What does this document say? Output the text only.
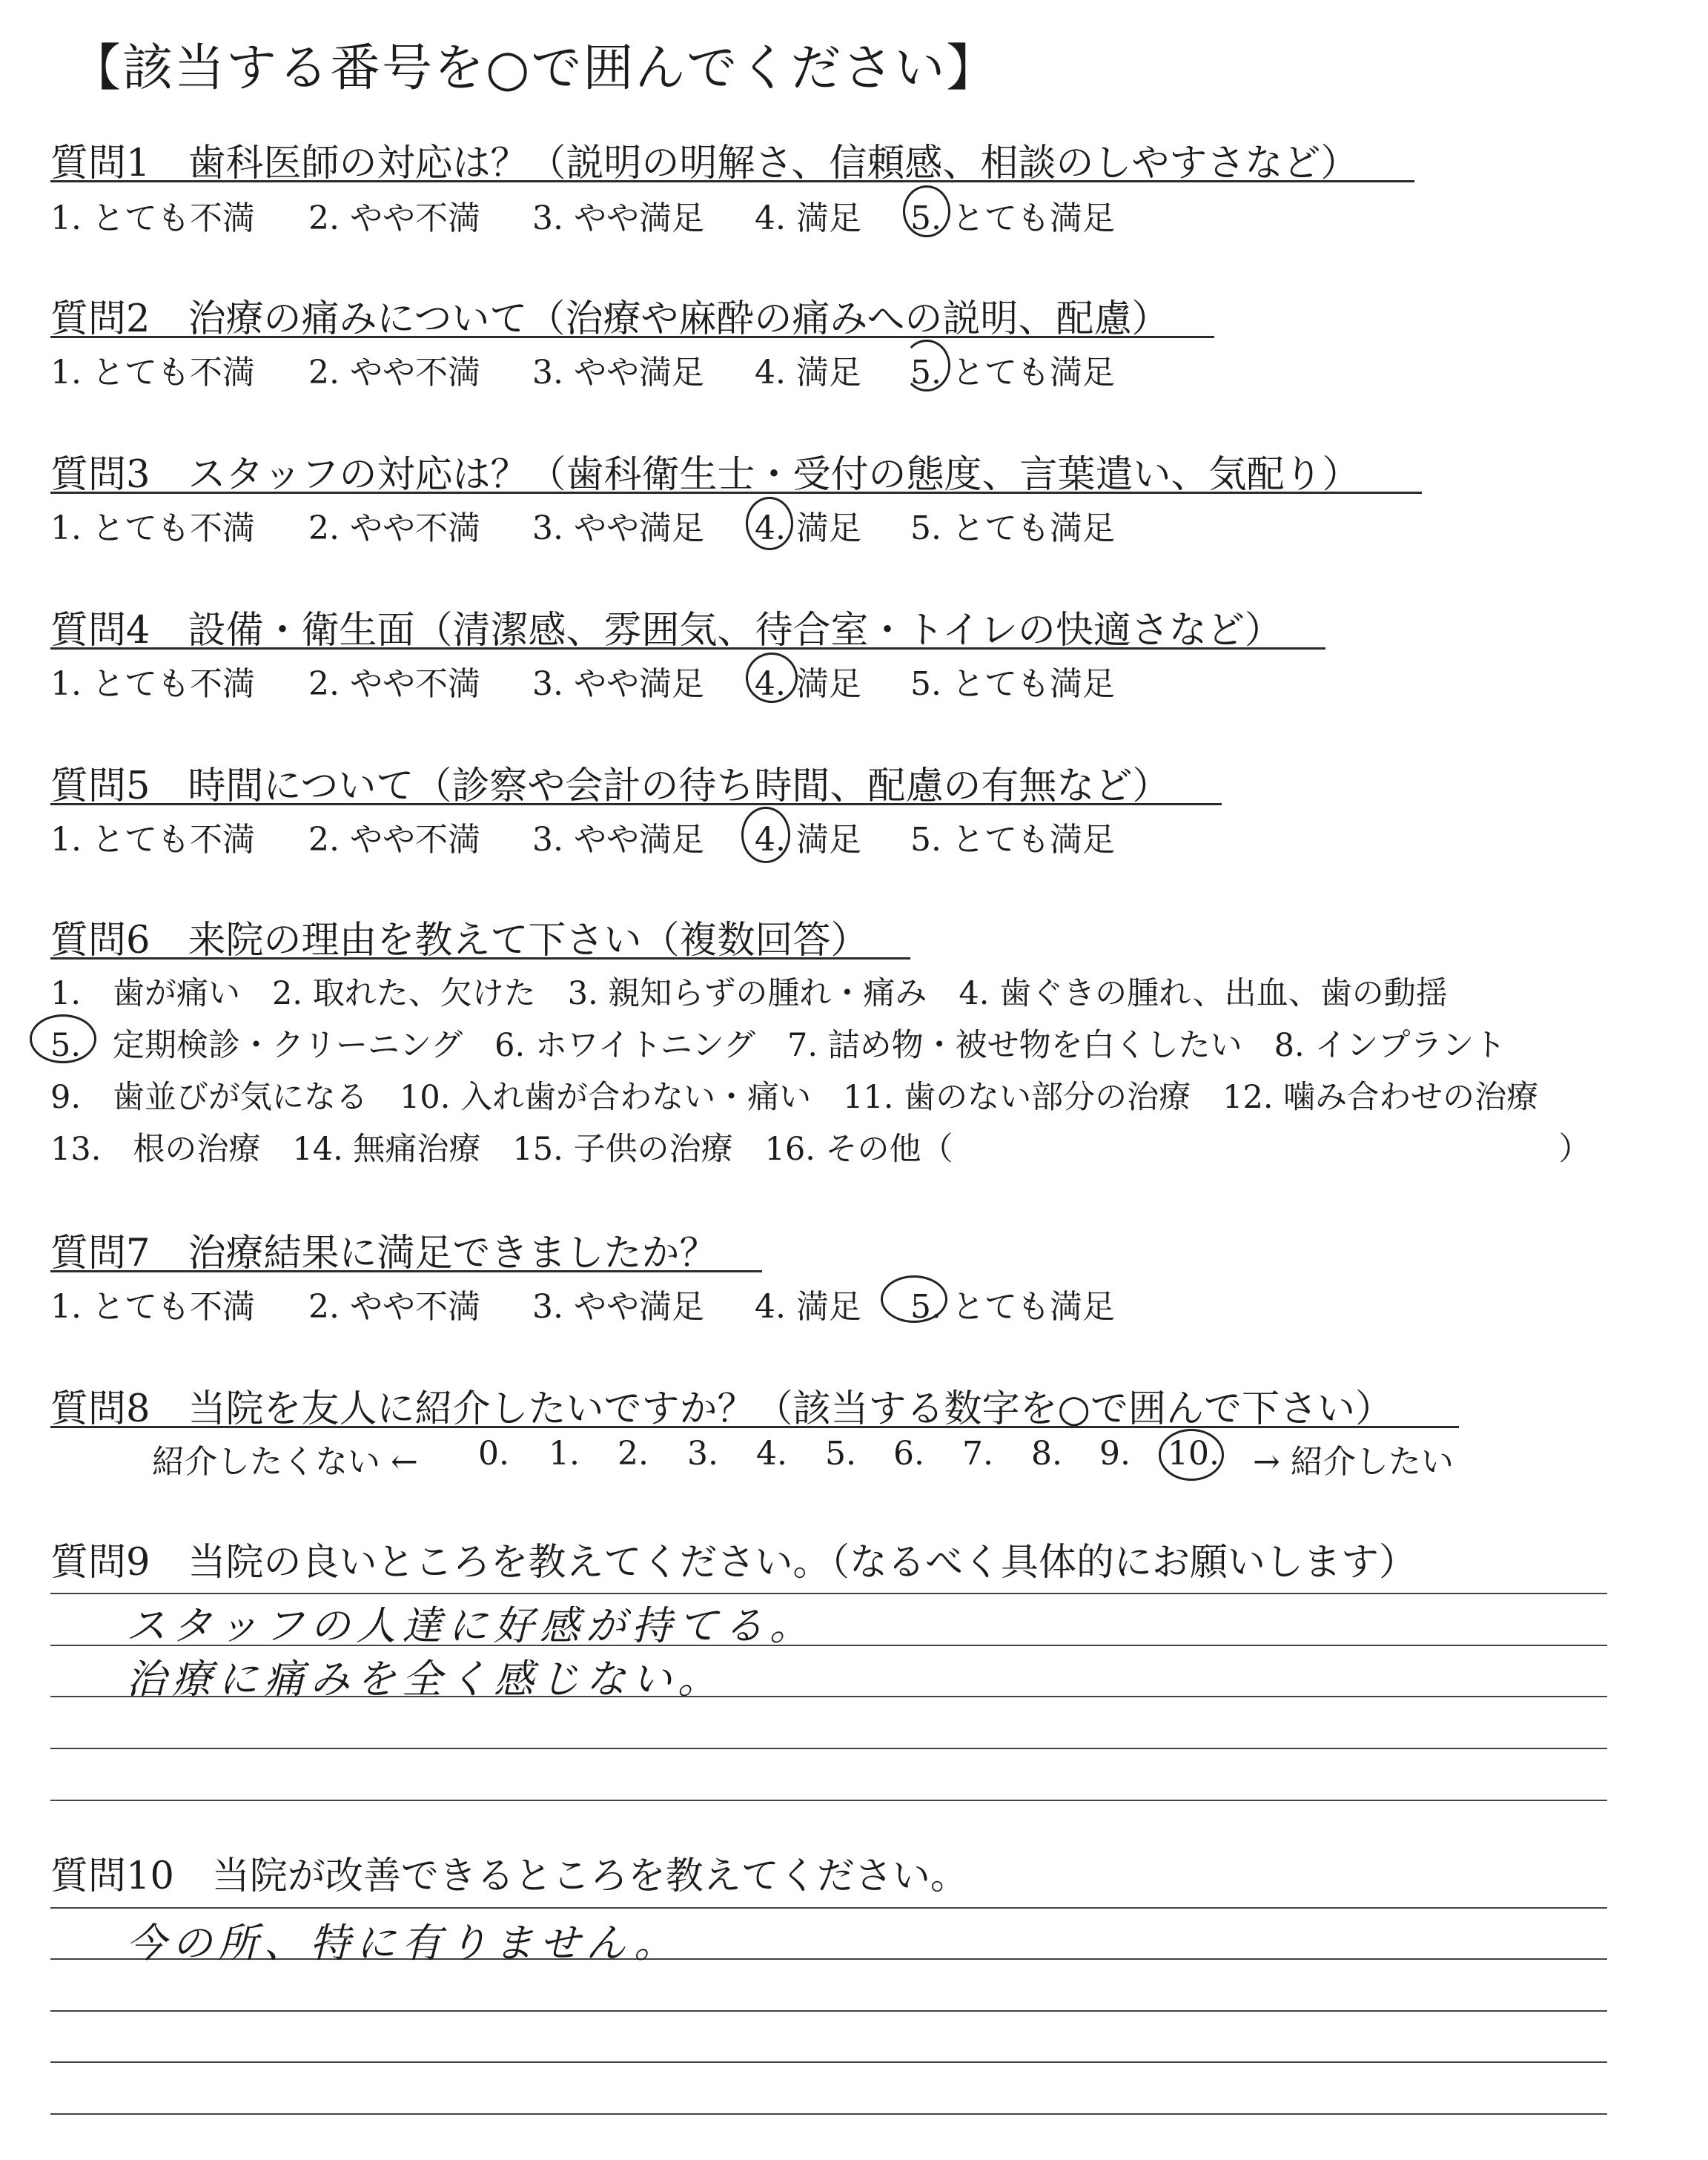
【該当する番号を○で囲んでください】
質問1　歯科医師の対応は？（説明の明解さ、信頼感、相談のしやすさなど）
1. とても不満 2. やや不満 3. やや満足 4. 満足 5. とても満足
質問2　治療の痛みについて（治療や麻酔の痛みへの説明、配慮）
1. とても不満 2. やや不満 3. やや満足 4. 満足 5. とても満足
質問3　スタッフの対応は？（歯科衛生士・受付の態度、言葉遣い、気配り）
1. とても不満 2. やや不満 3. やや満足 4. 満足 5. とても満足
質問4　設備・衛生面（清潔感、雰囲気、待合室・トイレの快適さなど）
1. とても不満 2. やや不満 3. やや満足 4. 満足 5. とても満足
質問5　時間について（診察や会計の待ち時間、配慮の有無など）
1. とても不満 2. やや不満 3. やや満足 4. 満足 5. とても満足
質問6　来院の理由を教えて下さい（複数回答）
1.　歯が痛い　2. 取れた、欠けた　3. 親知らずの腫れ・痛み　4. 歯ぐきの腫れ、出血、歯の動揺
5.　定期検診・クリーニング　6. ホワイトニング　7. 詰め物・被せ物を白くしたい　8. インプラント
9.　歯並びが気になる　10. 入れ歯が合わない・痛い　11. 歯のない部分の治療　12. 噛み合わせの治療
13.　根の治療　14. 無痛治療　15. 子供の治療　16. その他（　　　　　　　　　　　　　　　　　　　）
質問7　治療結果に満足できましたか？
1. とても不満 2. やや不満 3. やや満足 4. 満足 5. とても満足
質問8　当院を友人に紹介したいですか？（該当する数字を○で囲んで下さい）
紹介したくない ← 0. 1. 2. 3. 4. 5. 6. 7. 8. 9. 10. → 紹介したい
質問9　当院の良いところを教えてください。（なるべく具体的にお願いします）
スタッフの人達に好感が持てる。
治療に痛みを全く感じない。
質問10　当院が改善できるところを教えてください。
今の所、特に有りません。
